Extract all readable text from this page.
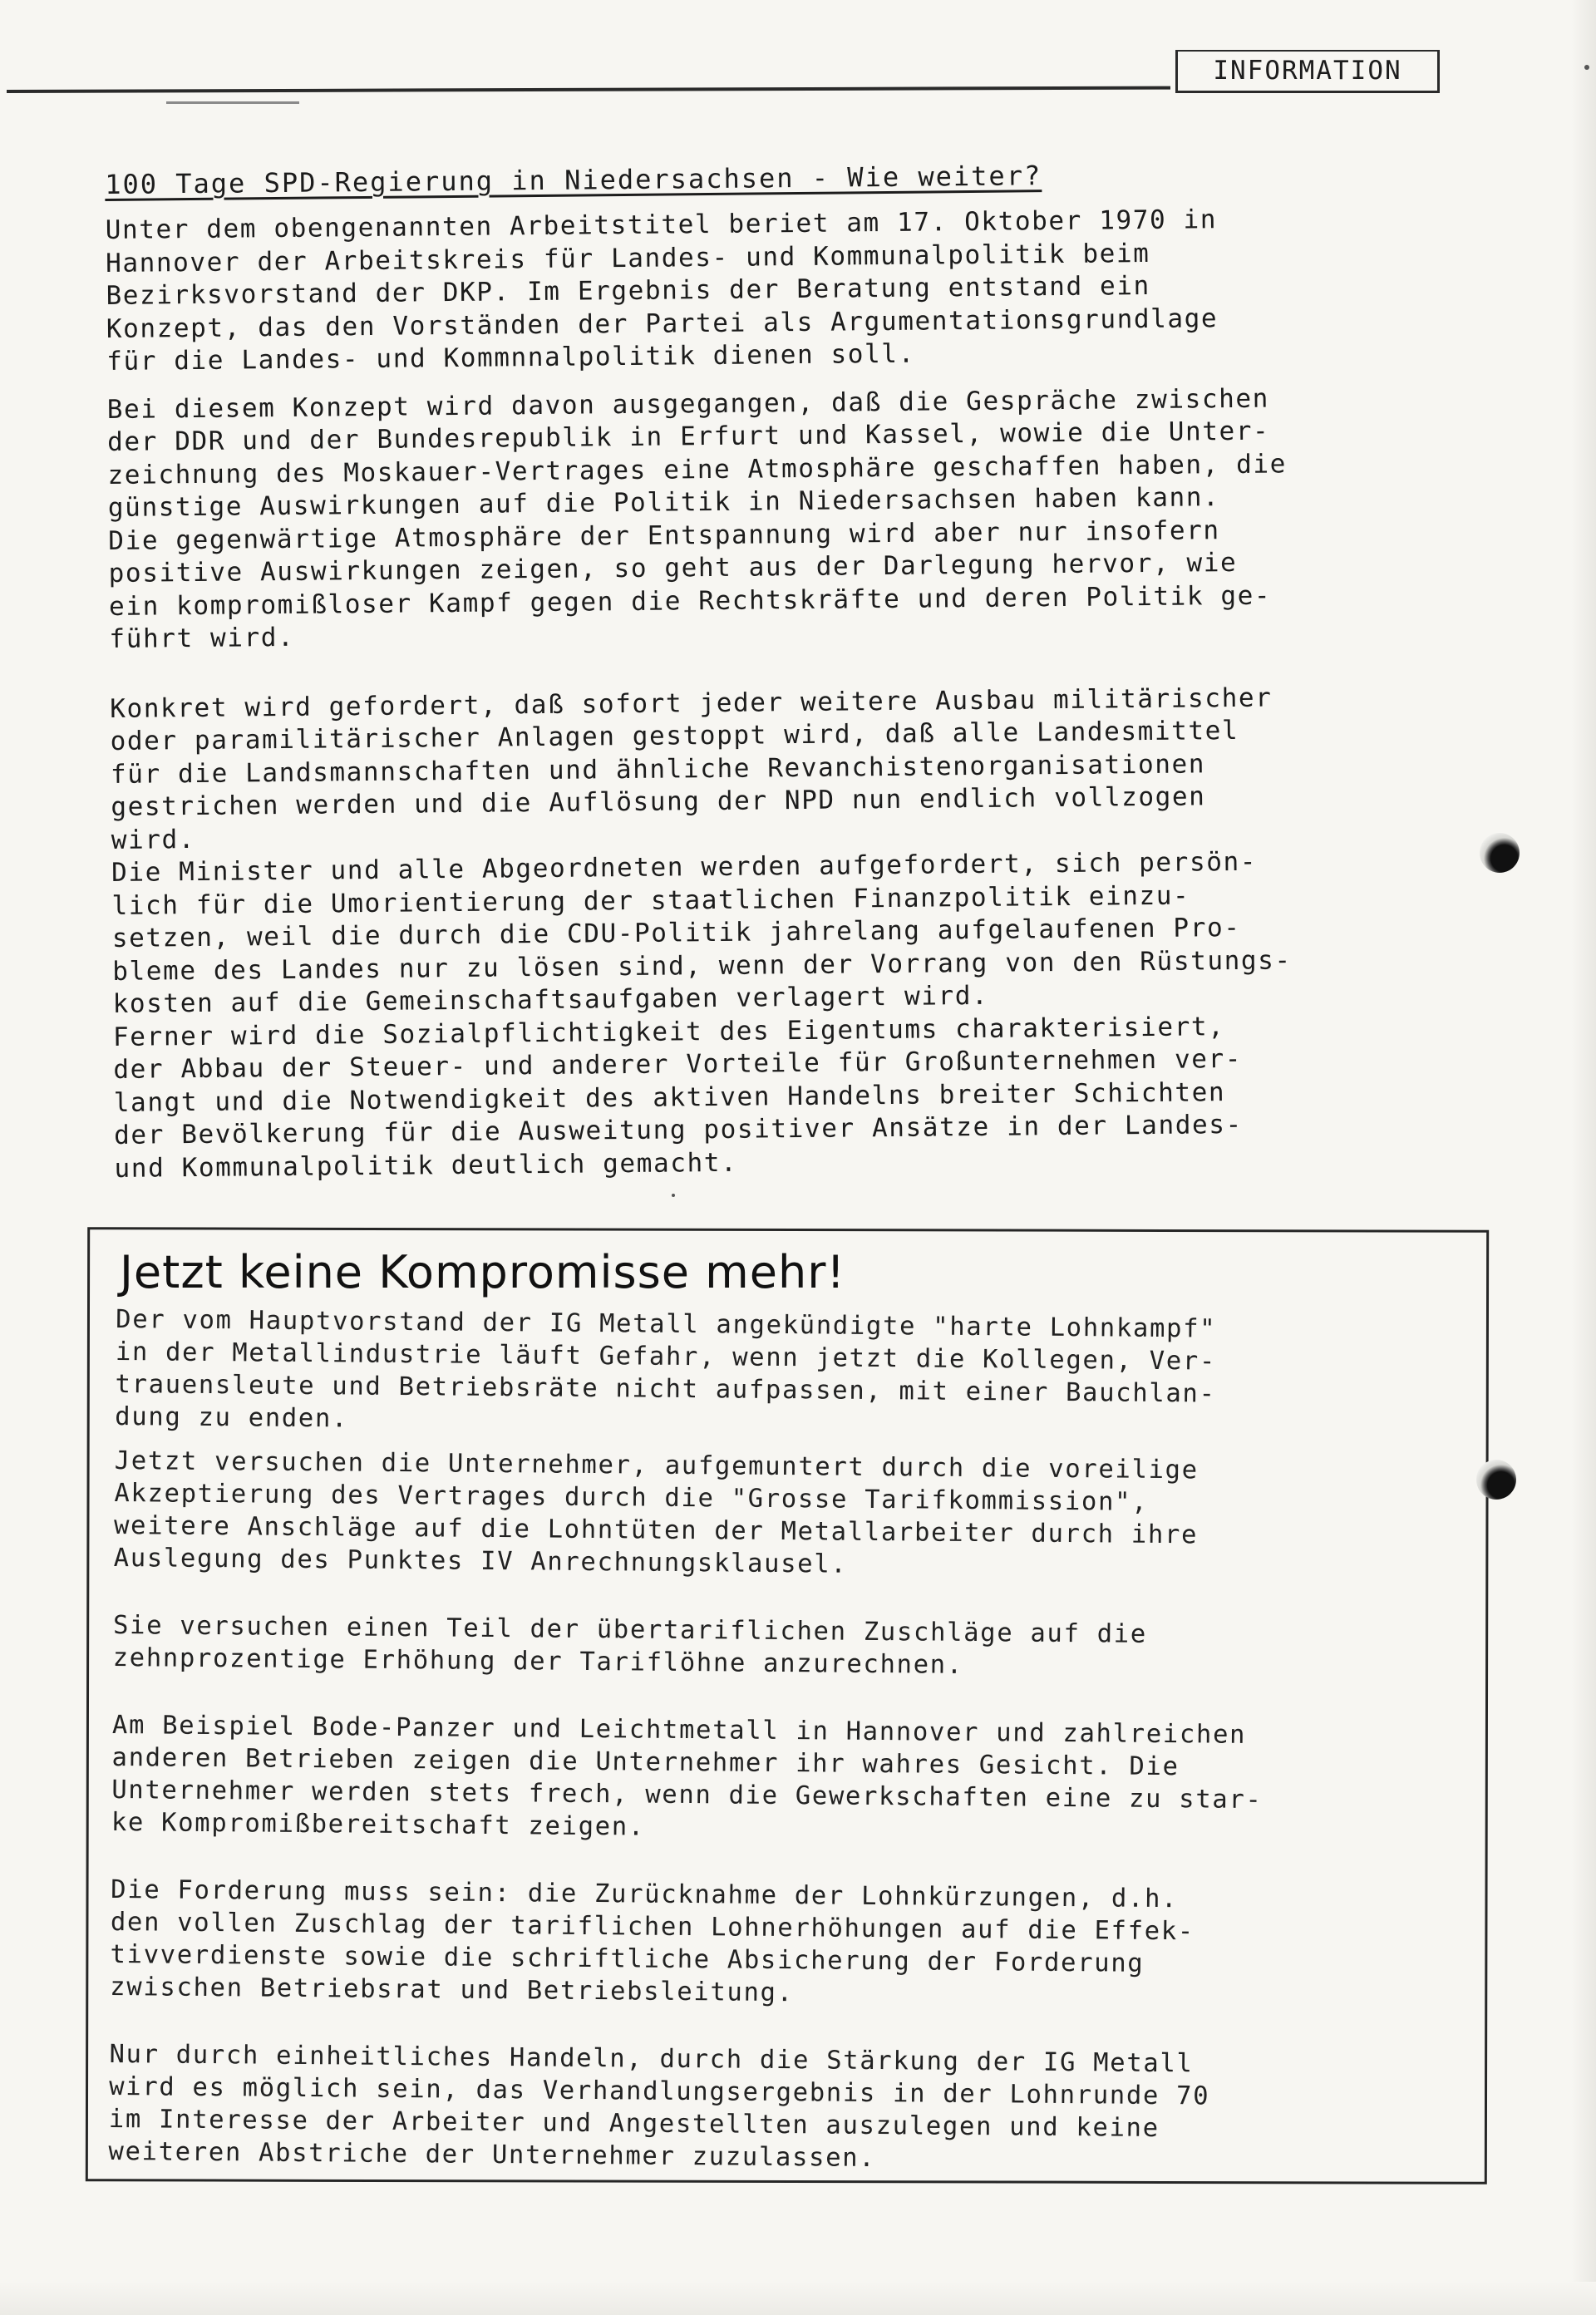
INFORMATION
100 Tage SPD-Regierung in Niedersachsen - Wie weiter?

Unter dem obengenannten Arbeitstitel beriet am 17. Oktober 1970 in
Hannover der Arbeitskreis für Landes- und Kommunalpolitik beim
Bezirksvorstand der DKP. Im Ergebnis der Beratung entstand ein
Konzept, das den Vorständen der Partei als Argumentationsgrundlage
für die Landes- und Kommnnalpolitik dienen soll.

Bei diesem Konzept wird davon ausgegangen, daß die Gespräche zwischen
der DDR und der Bundesrepublik in Erfurt und Kassel, wowie die Unter-
zeichnung des Moskauer-Vertrages eine Atmosphäre geschaffen haben, die
günstige Auswirkungen auf die Politik in Niedersachsen haben kann.
Die gegenwärtige Atmosphäre der Entspannung wird aber nur insofern
positive Auswirkungen zeigen, so geht aus der Darlegung hervor, wie
ein kompromißloser Kampf gegen die Rechtskräfte und deren Politik ge-
führt wird.

Konkret wird gefordert, daß sofort jeder weitere Ausbau militärischer
oder paramilitärischer Anlagen gestoppt wird, daß alle Landesmittel
für die Landsmannschaften und ähnliche Revanchistenorganisationen
gestrichen werden und die Auflösung der NPD nun endlich vollzogen
wird.

Die Minister und alle Abgeordneten werden aufgefordert, sich persön-
lich für die Umorientierung der staatlichen Finanzpolitik einzu-
setzen, weil die durch die CDU-Politik jahrelang aufgelaufenen Pro-
bleme des Landes nur zu lösen sind, wenn der Vorrang von den Rüstungs-
kosten auf die Gemeinschaftsaufgaben verlagert wird.

Ferner wird die Sozialpflichtigkeit des Eigentums charakterisiert,
der Abbau der Steuer- und anderer Vorteile für Großunternehmen ver-
langt und die Notwendigkeit des aktiven Handelns breiter Schichten
der Bevölkerung für die Ausweitung positiver Ansätze in der Landes-
und Kommunalpolitik deutlich gemacht.

Jetzt keine Kompromisse mehr!

Der vom Hauptvorstand der IG Metall angekündigte "harte Lohnkampf"
in der Metallindustrie läuft Gefahr, wenn jetzt die Kollegen, Ver-
trauensleute und Betriebsräte nicht aufpassen, mit einer Bauchlan-
dung zu enden.

Jetzt versuchen die Unternehmer, aufgemuntert durch die voreilige
Akzeptierung des Vertrages durch die "Grosse Tarifkommission",
weitere Anschläge auf die Lohntüten der Metallarbeiter durch ihre
Auslegung des Punktes IV Anrechnungsklausel.

Sie versuchen einen Teil der übertariflichen Zuschläge auf die
zehnprozentige Erhöhung der Tariflöhne anzurechnen.

Am Beispiel Bode-Panzer und Leichtmetall in Hannover und zahlreichen
anderen Betrieben zeigen die Unternehmer ihr wahres Gesicht. Die
Unternehmer werden stets frech, wenn die Gewerkschaften eine zu star-
ke Kompromißbereitschaft zeigen.

Die Forderung muss sein: die Zurücknahme der Lohnkürzungen, d.h.
den vollen Zuschlag der tariflichen Lohnerhöhungen auf die Effek-
tivverdienste sowie die schriftliche Absicherung der Forderung
zwischen Betriebsrat und Betriebsleitung.

Nur durch einheitliches Handeln, durch die Stärkung der IG Metall
wird es möglich sein, das Verhandlungsergebnis in der Lohnrunde 70
im Interesse der Arbeiter und Angestellten auszulegen und keine
weiteren Abstriche der Unternehmer zuzulassen.
